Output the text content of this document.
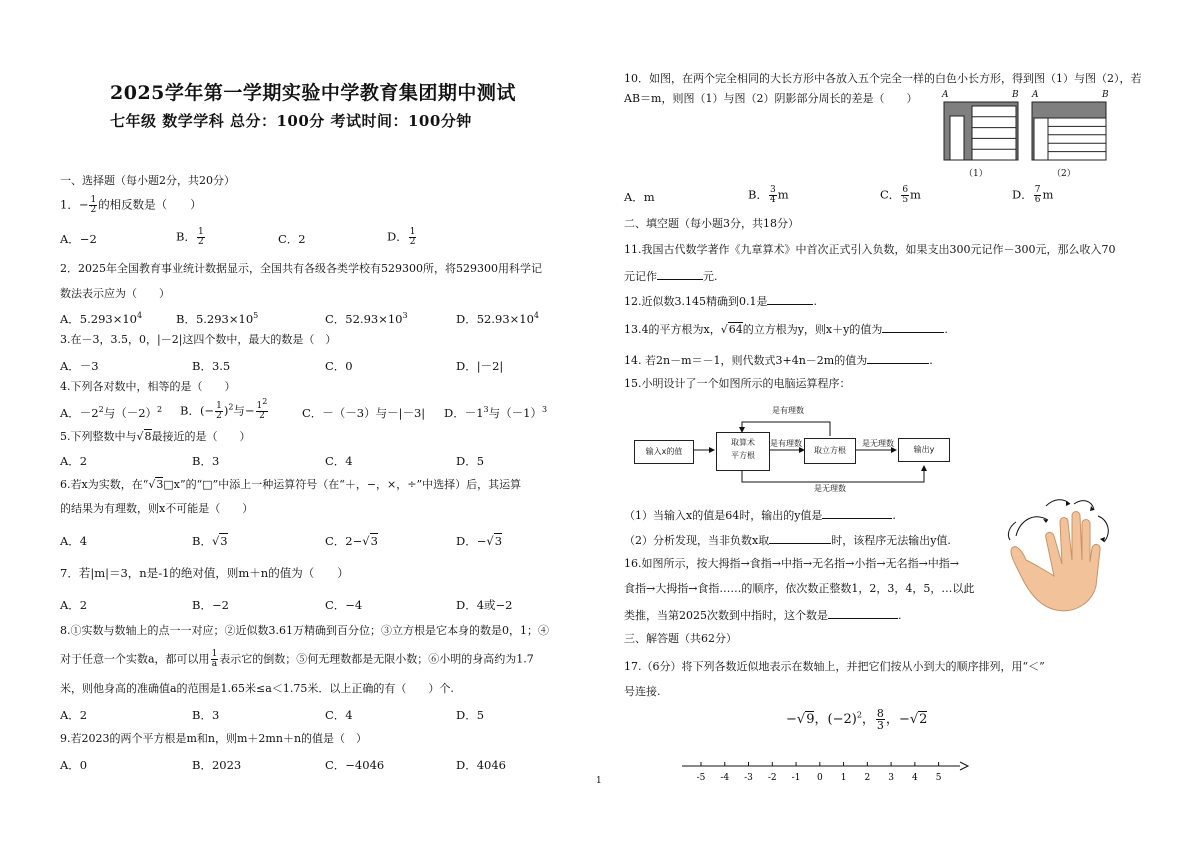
2025学年第一学期实验中学教育集团期中测试
七年级 数学学科 总分：100分 考试时间：100分钟
一、选择题（每小题2分，共20分）
1．− $\frac{1}{2}$ 的相反数是（　　）
A．−2	B． $\frac{1}{2}$	C．2	D． $\frac{1}{2}$
2．2025年全国教育事业统计数据显示，全国共有各级各类学校有529300所，将529300用科学记
数法表示应为（　　）
A．$5.293\times 10^4$	B．$5.293\times 10^5$	C．$52.93\times 10^3$	D．$52.93\times 10^4$
3.在－3，3.5，0，|－2|这四个数中，最大的数是（　）
A．－3	B．3.5	C．0	D．|－2|
4.下列各对数中，相等的是（　　）
A．$-2^2$与$(-2)^2$ B．(− $\frac{1}{2} )^2$与− $\frac{1^2}{2}$	C．－（－3）与－|－3| D．$-1^3$与$(-1)^3$
5.下列整数中与√8最接近的是（　　）
A．2	B．3	C．4	D．5
6.若x为实数，在“√3□x”的“□”中添上一种运算符号（在“＋，−，×，÷”中选择）后，其运算
的结果为有理数，则x不可能是（　　）
A．4	B．√3	C．2−√3	D．−√3
7．若|m|＝3，n是-1的绝对值，则m＋n的值为（　　）
A．2	B．−2	C．−4	D．4或−2
8.①实数与数轴上的点一一对应；②近似数3.61万精确到百分位；③立方根是它本身的数是0，1；④
对于任意一个实数a，都可以用 $\frac{1}{a}$ 表示它的倒数；⑤何无理数都是无限小数；⑥小明的身高约为1.7
米，则他身高的准确值a的范围是1.65米≤a＜1.75米．以上正确的有（　　）个.
A．2	B．3	C．4	D．5
9.若2023的两个平方根是m和n，则m＋2mn＋n的值是（　）
A．0	B．2023	C．−4046	D．4046
1
10．如图，在两个完全相同的大长方形中各放入五个完全一样的白色小长方形，得到图（1）与图（2），若
AB＝m，则图（1）与图（2）阴影部分周长的差是（　　）	A	B A	B
（1）	（2）
A．m	B． $\frac{3}{4}$ m	C． $\frac{6}{5}$ m	D． $\frac{7}{6}$ m
二、填空题（每小题3分，共18分）
11.我国古代数学著作《九章算术》中首次正式引入负数，如果支出300元记作－300元，那么收入70
元记作	元.
12.近似数3.145精确到0.1是	.
13.4的平方根为x，√64的立方根为y，则x＋y的值为	.
14. 若2n－m＝－1，则代数式3+4n－2m的值为	.
15.小明设计了一个如图所示的电脑运算程序：
输入x的值
取算术
平方根
取立方根	输出y
是有理数
是有理数	是无理数
是无理数
（1）当输入x的值是64时，输出的y值是	.
（2）分析发现，当非负数x取	时，该程序无法输出y值.
16.如图所示，按大拇指→食指→中指→无名指→小指→无名指→中指→
食指→大拇指→食指……的顺序，依次数正整数1，2，3，4，5，…以此
类推，当第2025次数到中指时，这个数是	.
三、解答题（共62分）
17.（6分）将下列各数近似地表示在数轴上，并把它们按从小到大的顺序排列，用“＜”
号连接.
−√9，$(-2)^2$， $\frac{8}{3}$ ，−√2
-5 -4 -3 -2 -1 0 1 2 3 4 5
